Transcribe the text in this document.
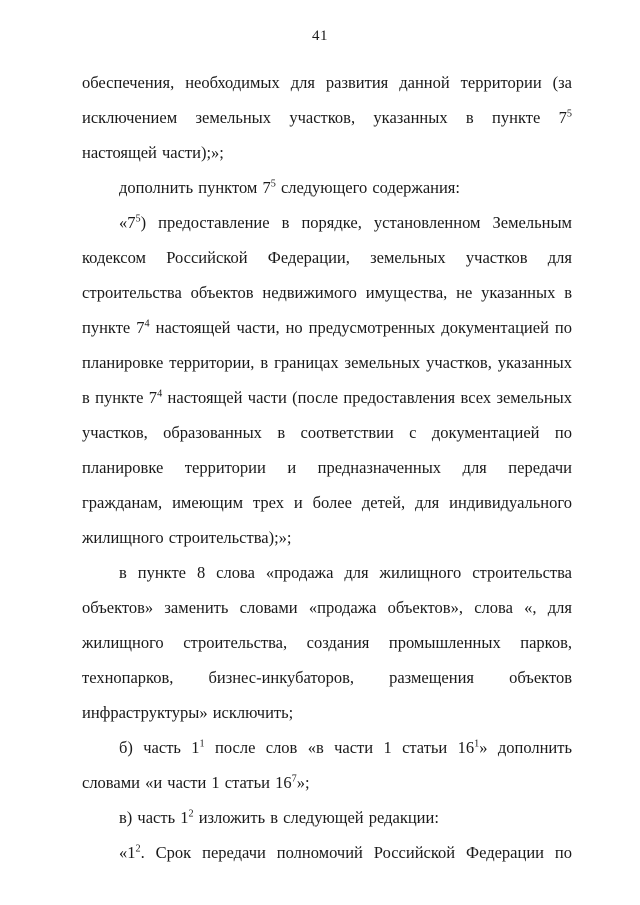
41

обеспечения, необходимых для развития данной территории (за исключением земельных участков, указанных в пункте $7^5$ настоящей части);»;

дополнить пунктом $7^5$ следующего содержания:

«$7^5$) предоставление в порядке, установленном Земельным кодексом Российской Федерации, земельных участков для строительства объектов недвижимого имущества, не указанных в пункте $7^4$ настоящей части, но предусмотренных документацией по планировке территории, в границах земельных участков, указанных в пункте $7^4$ настоящей части (после предоставления всех земельных участков, образованных в соответствии с документацией по планировке территории и предназначенных для передачи гражданам, имеющим трех и более детей, для индивидуального жилищного строительства);»;

в пункте 8 слова «продажа для жилищного строительства объектов» заменить словами «продажа объектов», слова «, для жилищного строительства, создания промышленных парков, технопарков, бизнес-инкубаторов, размещения объектов инфраструктуры» исключить;

б) часть $1^1$ после слов «в части 1 статьи $16^1$» дополнить словами «и части 1 статьи $16^7$»;

в) часть $1^2$ изложить в следующей редакции:

«$1^2$. Срок передачи полномочий Российской Федерации по
